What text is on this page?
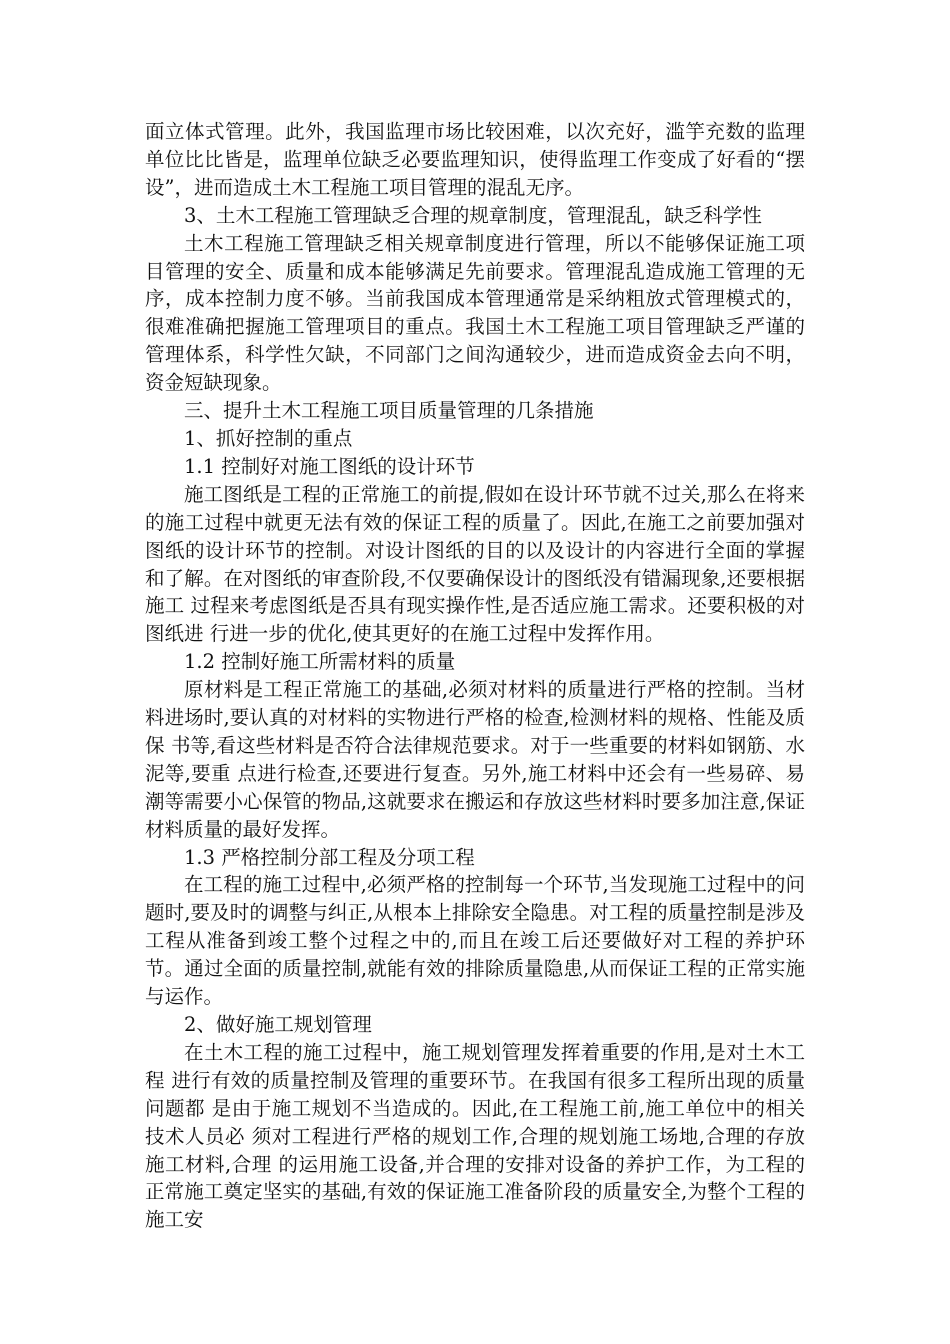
面立体式管理。此外，我国监理市场比较困难，以次充好，滥竽充数的监理单位比比皆是，监理单位缺乏必要监理知识，使得监理工作变成了好看的“摆设”，进而造成土木工程施工项目管理的混乱无序。

3、土木工程施工管理缺乏合理的规章制度，管理混乱，缺乏科学性

土木工程施工管理缺乏相关规章制度进行管理，所以不能够保证施工项目管理的安全、质量和成本能够满足先前要求。管理混乱造成施工管理的无序，成本控制力度不够。当前我国成本管理通常是采纳粗放式管理模式的，很难准确把握施工管理项目的重点。我国土木工程施工项目管理缺乏严谨的管理体系，科学性欠缺，不同部门之间沟通较少，进而造成资金去向不明，资金短缺现象。

三、提升土木工程施工项目质量管理的几条措施

1、抓好控制的重点

1.1 控制好对施工图纸的设计环节

施工图纸是工程的正常施工的前提,假如在设计环节就不过关,那么在将来 的施工过程中就更无法有效的保证工程的质量了。因此,在施工之前要加强对图纸的设计环节的控制。对设计图纸的目的以及设计的内容进行全面的掌握和了解。在对图纸的审查阶段,不仅要确保设计的图纸没有错漏现象,还要根据施工 过程来考虑图纸是否具有现实操作性,是否适应施工需求。还要积极的对图纸进 行进一步的优化,使其更好的在施工过程中发挥作用。

1.2 控制好施工所需材料的质量

原材料是工程正常施工的基础,必须对材料的质量进行严格的控制。当材料进场时,要认真的对材料的实物进行严格的检查,检测材料的规格、性能及质保 书等,看这些材料是否符合法律规范要求。对于一些重要的材料如钢筋、水泥等,要重 点进行检查,还要进行复查。另外,施工材料中还会有一些易碎、易潮等需要小心保管的物品,这就要求在搬运和存放这些材料时要多加注意,保证材料质量的最好发挥。

1.3 严格控制分部工程及分项工程

在工程的施工过程中,必须严格的控制每一个环节,当发现施工过程中的问题时,要及时的调整与纠正,从根本上排除安全隐患。对工程的质量控制是涉及 工程从准备到竣工整个过程之中的,而且在竣工后还要做好对工程的养护环节。通过全面的质量控制,就能有效的排除质量隐患,从而保证工程的正常实施与运作。

2、做好施工规划管理

在土木工程的施工过程中，施工规划管理发挥着重要的作用,是对土木工程 进行有效的质量控制及管理的重要环节。在我国有很多工程所出现的质量问题都 是由于施工规划不当造成的。因此,在工程施工前,施工单位中的相关技术人员必 须对工程进行严格的规划工作,合理的规划施工场地,合理的存放施工材料,合理 的运用施工设备,并合理的安排对设备的养护工作，为工程的正常施工奠定坚实的基础,有效的保证施工准备阶段的质量安全,为整个工程的施工安
